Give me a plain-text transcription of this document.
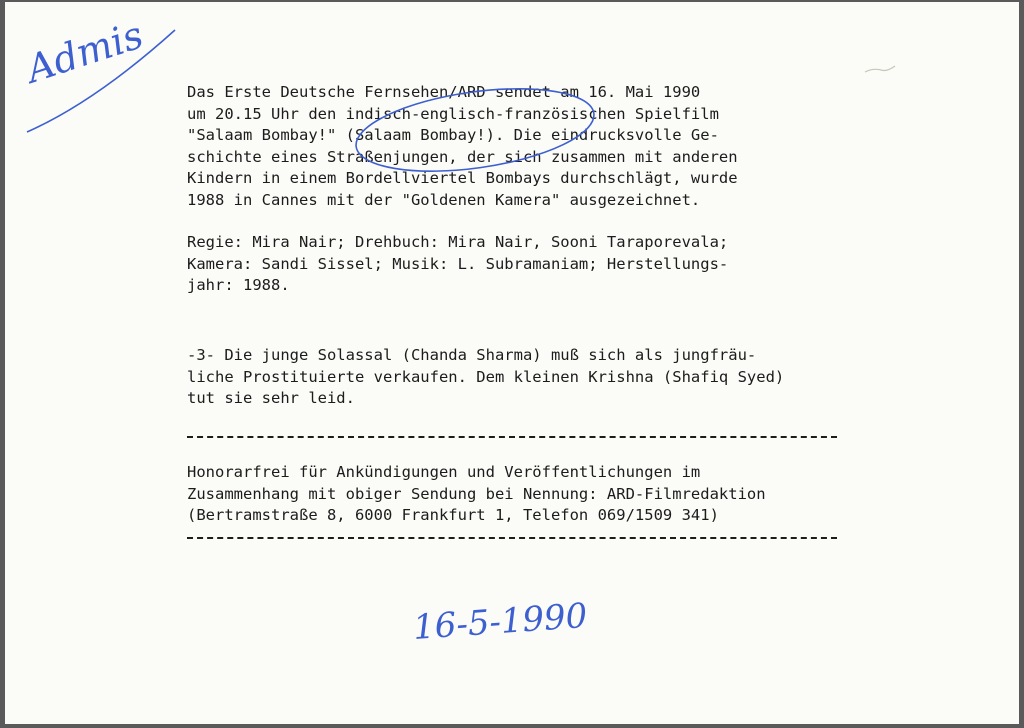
Das Erste Deutsche Fernsehen/ARD sendet am 16. Mai 1990
um 20.15 Uhr den indisch-englisch-französischen Spielfilm
"Salaam Bombay!" (Salaam Bombay!). Die eindrucksvolle Ge-
schichte eines Straßenjungen, der sich zusammen mit anderen
Kindern in einem Bordellviertel Bombays durchschlägt, wurde
1988 in Cannes mit der "Goldenen Kamera" ausgezeichnet.
Regie: Mira Nair; Drehbuch: Mira Nair, Sooni Taraporevala;
Kamera: Sandi Sissel; Musik: L. Subramaniam; Herstellungs-
jahr: 1988.
-3- Die junge Solassal (Chanda Sharma) muß sich als jungfräu-
liche Prostituierte verkaufen. Dem kleinen Krishna (Shafiq Syed)
tut sie sehr leid.
Honorarfrei für Ankündigungen und Veröffentlichungen im
Zusammenhang mit obiger Sendung bei Nennung: ARD-Filmredaktion
(Bertramstraße 8, 6000 Frankfurt 1, Telefon 069/1509 341)
Admis
16-5-1990
